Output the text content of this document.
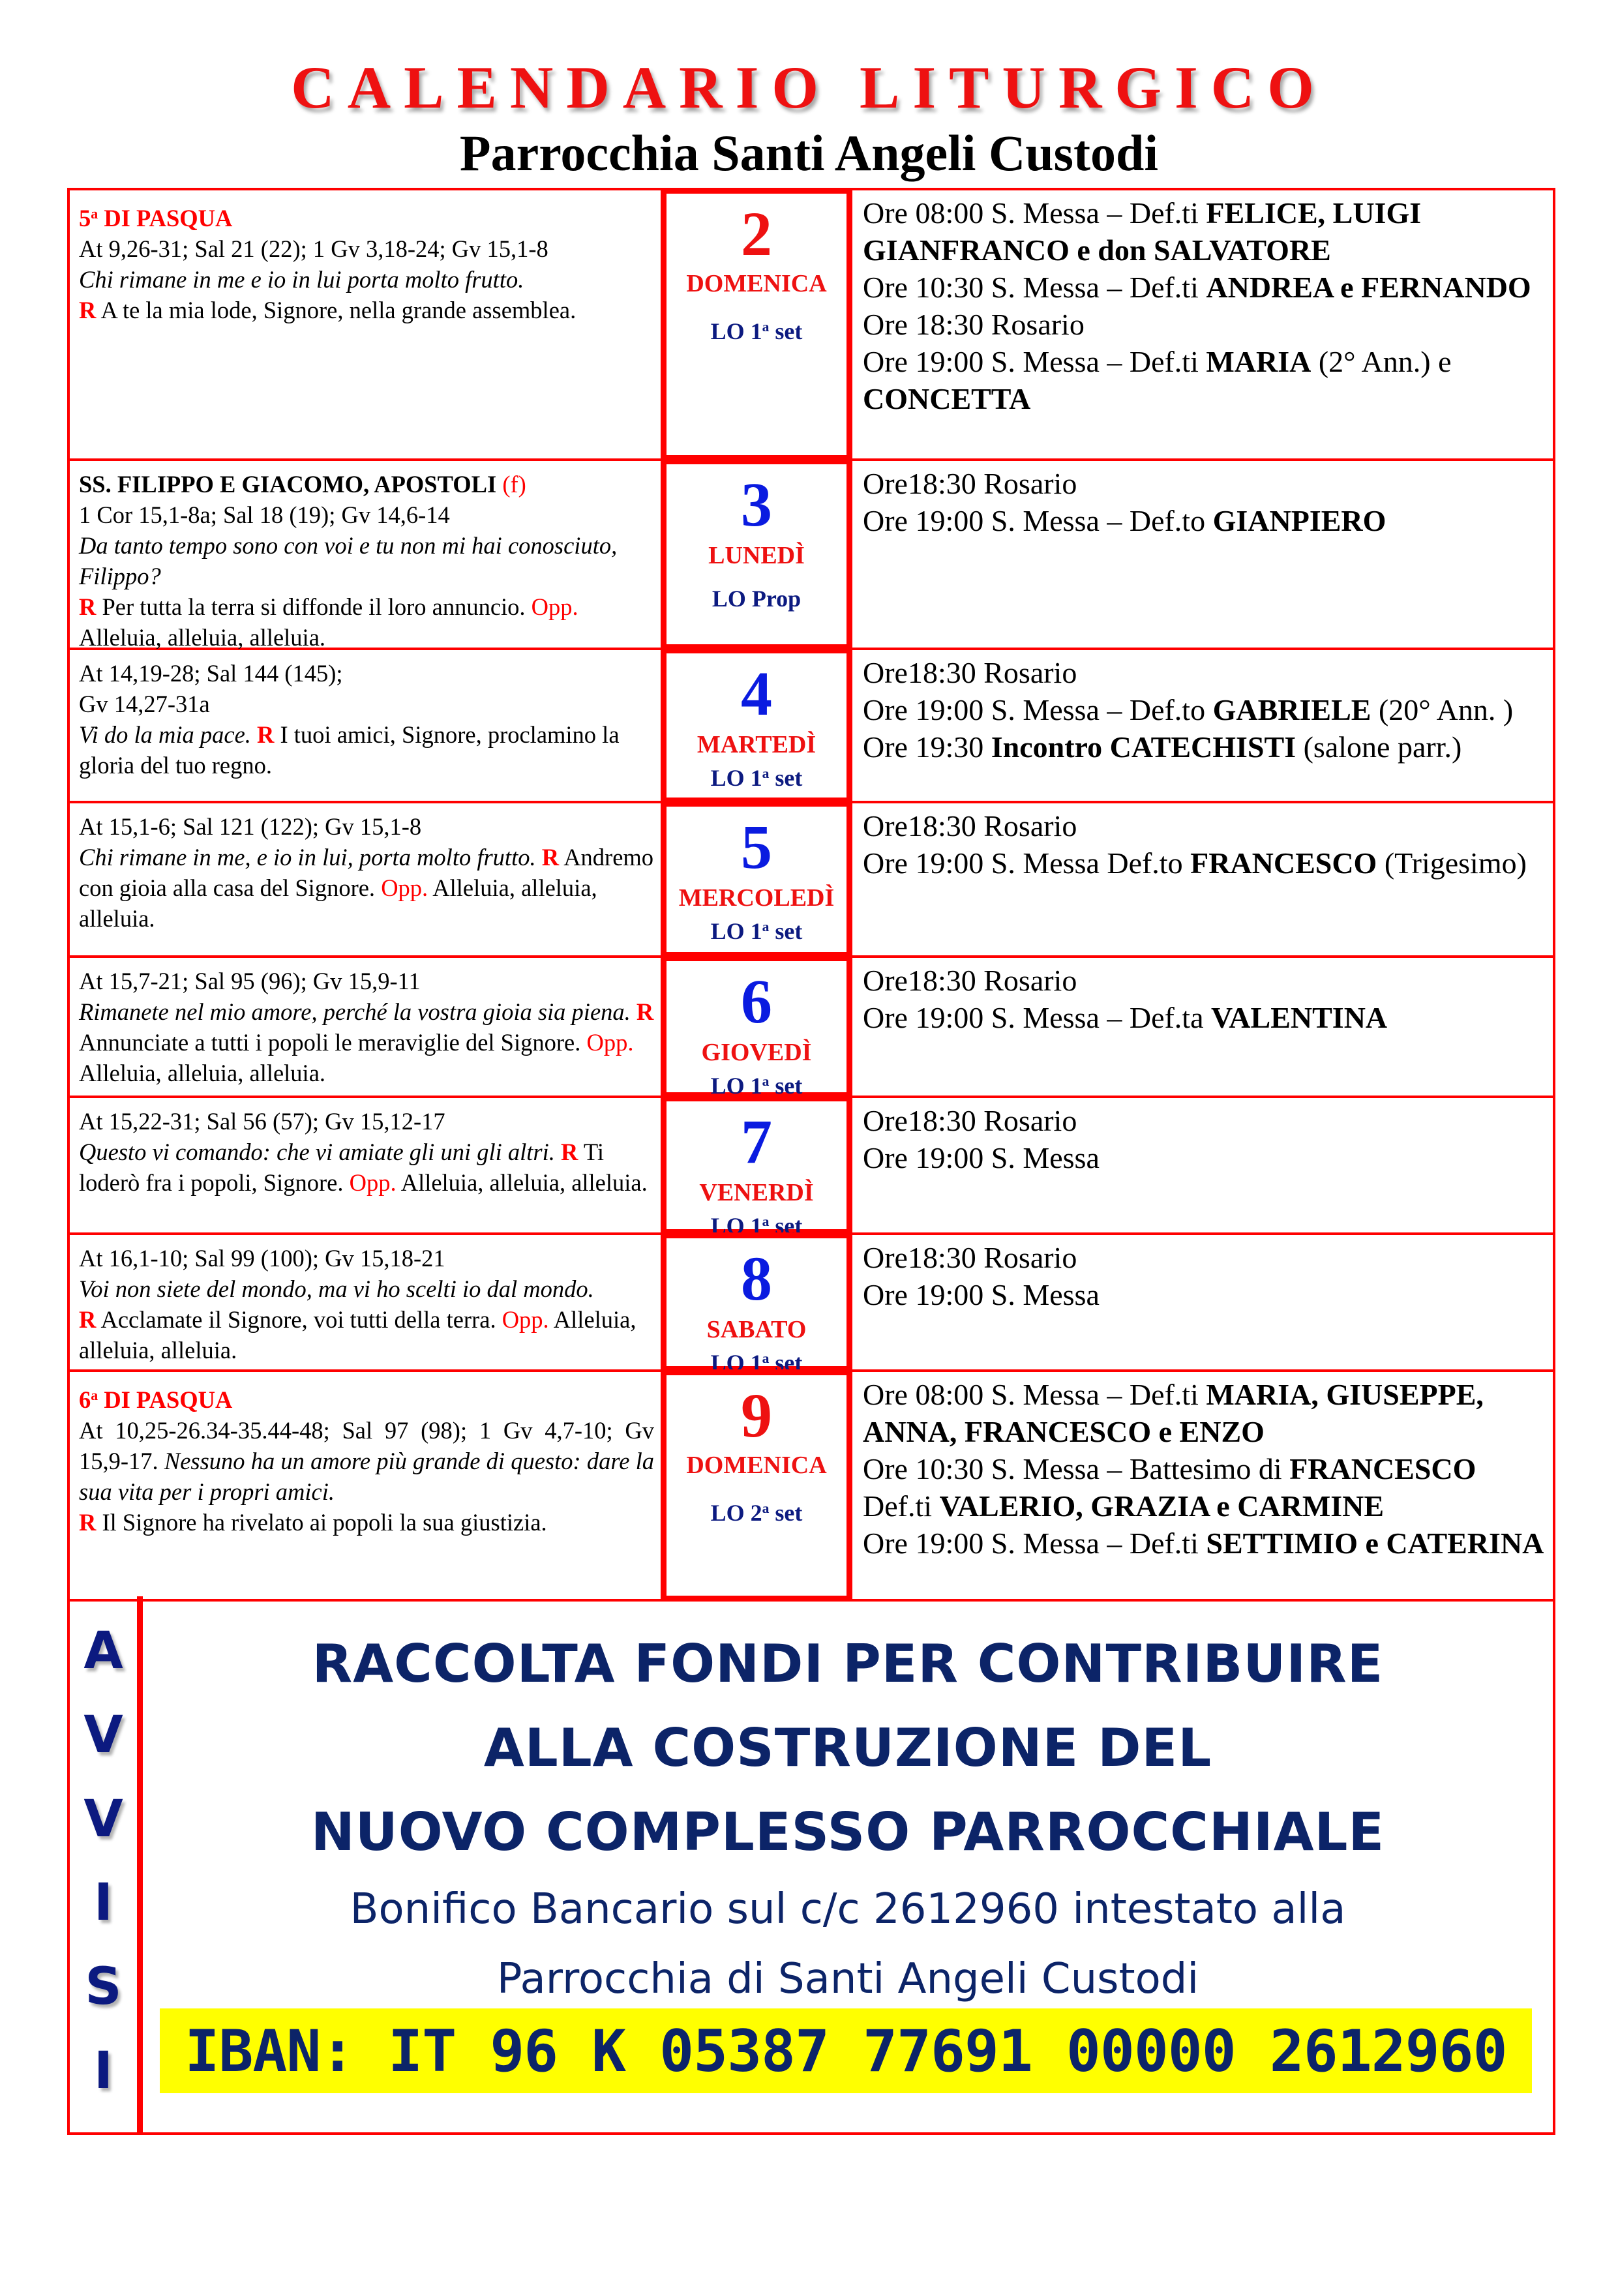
CALENDARIO LITURGICO
Parrocchia Santi Angeli Custodi
5$^a$ DI PASQUA
At 9,26-31; Sal 21 (22); 1 Gv 3,18-24; Gv 15,1-8
Chi rimane in me e io in lui porta molto frutto.
R A te la mia lode, Signore, nella grande assemblea.
2
DOMENICA
LO 1$^a$ set
Ore 08:00 S. Messa – Def.ti FELICE, LUIGI GIANFRANCO e don SALVATORE
Ore 10:30 S. Messa – Def.ti ANDREA e FERNANDO
Ore 18:30 Rosario
Ore 19:00 S. Messa – Def.ti MARIA (2° Ann.) e CONCETTA
SS. FILIPPO E GIACOMO, APOSTOLI (f)
1 Cor 15,1-8a; Sal 18 (19); Gv 14,6-14
Da tanto tempo sono con voi e tu non mi hai conosciuto, Filippo?
R Per tutta la terra si diffonde il loro annuncio. Opp. Alleluia, alleluia, alleluia.
3
LUNEDÌ
LO Prop
Ore18:30 Rosario
Ore 19:00 S. Messa – Def.to GIANPIERO
At 14,19-28; Sal 144 (145);
Gv 14,27-31a
Vi do la mia pace. R I tuoi amici, Signore, proclamino la gloria del tuo regno.
4
MARTEDÌ
LO 1$^a$ set
Ore18:30 Rosario
Ore 19:00 S. Messa – Def.to GABRIELE (20° Ann. )
Ore 19:30 Incontro CATECHISTI (salone parr.)
At 15,1-6; Sal 121 (122); Gv 15,1-8
Chi rimane in me, e io in lui, porta molto frutto. R Andremo con gioia alla casa del Signore. Opp. Alleluia, alleluia, alleluia.
5
MERCOLEDÌ
LO 1$^a$ set
Ore18:30 Rosario
Ore 19:00 S. Messa Def.to FRANCESCO (Trigesimo)
At 15,7-21; Sal 95 (96); Gv 15,9-11
Rimanete nel mio amore, perché la vostra gioia sia piena. R Annunciate a tutti i popoli le meraviglie del Signore. Opp. Alleluia, alleluia, alleluia.
6
GIOVEDÌ
LO 1$^a$ set
Ore18:30 Rosario
Ore 19:00 S. Messa – Def.ta VALENTINA
At 15,22-31; Sal 56 (57); Gv 15,12-17
Questo vi comando: che vi amiate gli uni gli altri. R Ti loderò fra i popoli, Signore. Opp. Alleluia, alleluia, alleluia.
7
VENERDÌ
LO 1$^a$ set
Ore18:30 Rosario
Ore 19:00 S. Messa
At 16,1-10; Sal 99 (100); Gv 15,18-21
Voi non siete del mondo, ma vi ho scelti io dal mondo.
R Acclamate il Signore, voi tutti della terra. Opp. Alleluia, alleluia, alleluia.
8
SABATO
LO 1$^a$ set
Ore18:30 Rosario
Ore 19:00 S. Messa
6$^a$ DI PASQUA
At 10,25-26.34-35.44-48; Sal 97 (98); 1 Gv 4,7-10; Gv 15,9-17. Nessuno ha un amore più grande di questo: dare la sua vita per i propri amici.
R Il Signore ha rivelato ai popoli la sua giustizia.
9
DOMENICA
LO 2$^a$ set
Ore 08:00 S. Messa – Def.ti MARIA, GIUSEPPE, ANNA, FRANCESCO e ENZO
Ore 10:30 S. Messa – Battesimo di FRANCESCO
Def.ti VALERIO, GRAZIA e CARMINE
Ore 19:00 S. Messa – Def.ti SETTIMIO e CATERINA
A
V
V
I
S
I
RACCOLTA FONDI PER CONTRIBUIRE
ALLA COSTRUZIONE DEL
NUOVO COMPLESSO PARROCCHIALE
Bonifico Bancario sul c/c 2612960 intestato alla
Parrocchia di Santi Angeli Custodi
IBAN: IT 96 K 05387 77691 00000 2612960
